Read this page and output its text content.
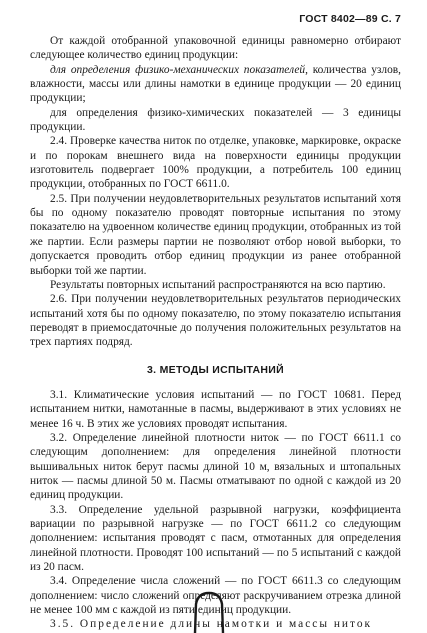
ГОСТ 8402—89 С. 7

От каждой отобранной упаковочной единицы равномерно отбирают следующее количество единиц продукции:

для определения физико-механических показателей, количества узлов, влажности, массы или длины намотки в единице продукции — 20 единиц продукции;

для определения физико-химических показателей — 3 единицы продукции.

2.4. Проверке качества ниток по отделке, упаковке, маркировке, окраске и по порокам внешнего вида на поверхности единицы продукции изготовитель подвергает 100% продукции, а потребитель 100 единиц продукции, отобранных по ГОСТ 6611.0.

2.5. При получении неудовлетворительных результатов испытаний хотя бы по одному показателю проводят повторные испытания по этому показателю на удвоенном количестве единиц продукции, отобранных из той же партии. Если размеры партии не позволяют отбор новой выборки, то допускается проводить отбор единиц продукции из ранее отобранной выборки той же партии.

Результаты повторных испытаний распространяются на всю партию.

2.6. При получении неудовлетворительных результатов периодических испытаний хотя бы по одному показателю, по этому показателю испытания переводят в приемосдаточные до получения положительных результатов на трех партиях подряд.

3. МЕТОДЫ ИСПЫТАНИЙ

3.1. Климатические условия испытаний — по ГОСТ 10681. Перед испытанием нитки, намотанные в пасмы, выдерживают в этих условиях не менее 16 ч. В этих же условиях проводят испытания.

3.2. Определение линейной плотности ниток — по ГОСТ 6611.1 со следующим дополнением: для определения линейной плотности вышивальных ниток берут пасмы длиной 10 м, вязальных и штопальных ниток — пасмы длиной 50 м. Пасмы отматывают по одной с каждой из 20 единиц продукции.

3.3. Определение удельной разрывной нагрузки, коэффициента вариации по разрывной нагрузке — по ГОСТ 6611.2 со следующим дополнением: испытания проводят с пасм, отмотанных для определения линейной плотности. Проводят 100 испытаний — по 5 испытаний с каждой из 20 пасм.

3.4. Определение числа сложений — по ГОСТ 6611.3 со следующим дополнением: число сложений определяют раскручиванием отрезка длиной не менее 100 мм с каждой из пяти единиц продукции.

3.5. Определение длины намотки и массы ниток
